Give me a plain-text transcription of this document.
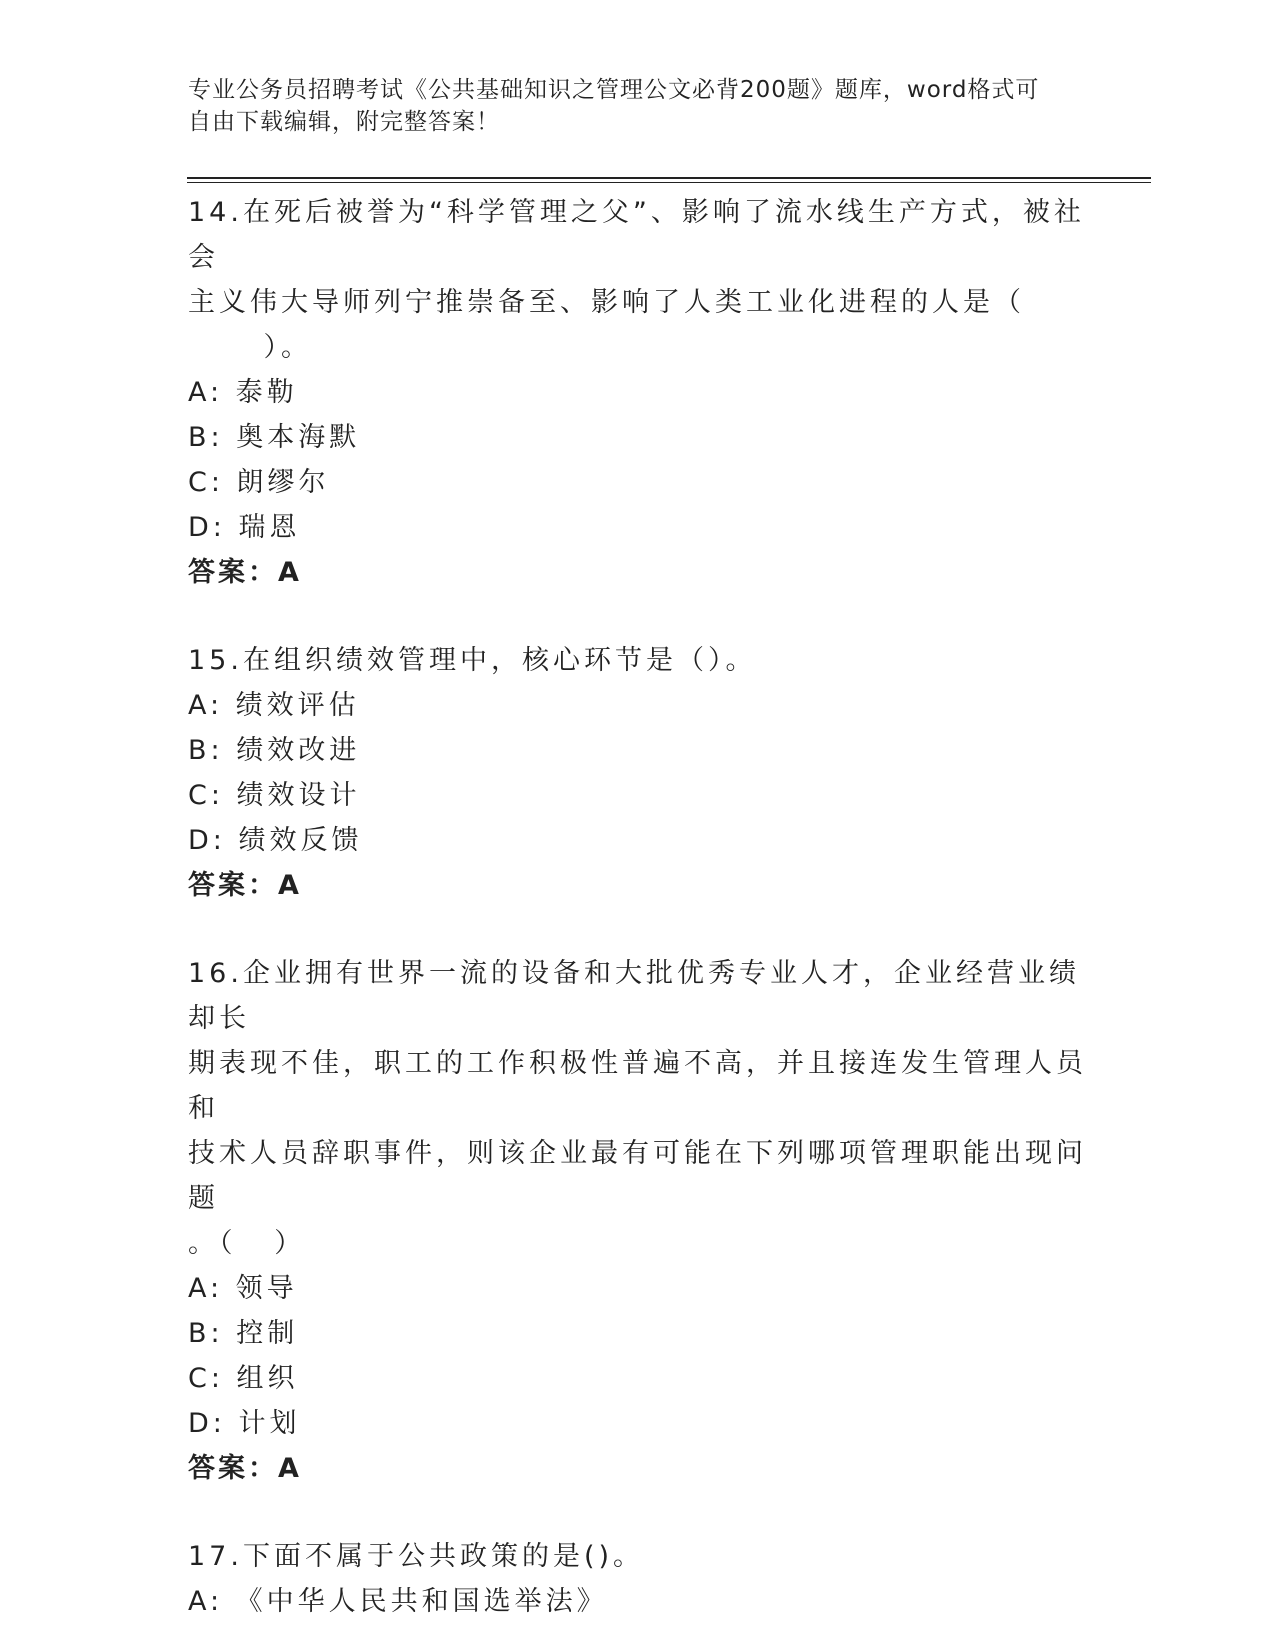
专业公务员招聘考试《公共基础知识之管理公文必背200题》题库，word格式可
自由下载编辑，附完整答案！

14.在死后被誉为“科学管理之父”、影响了流水线生产方式，被社会

主义伟大导师列宁推崇备至、影响了人类工业化进程的人是（

）。

A: 泰勒

B: 奥本海默

C: 朗缪尔

D: 瑞恩

答案：A

15.在组织绩效管理中，核心环节是（）。

A: 绩效评估

B: 绩效改进

C: 绩效设计

D: 绩效反馈

答案：A

16.企业拥有世界一流的设备和大批优秀专业人才，企业经营业绩却长

期表现不佳，职工的工作积极性普遍不高，并且接连发生管理人员和

技术人员辞职事件，则该企业最有可能在下列哪项管理职能出现问题

。（   ）

A: 领导

B: 控制

C: 组织

D: 计划

答案：A

17.下面不属于公共政策的是()。

A: 《中华人民共和国选举法》
